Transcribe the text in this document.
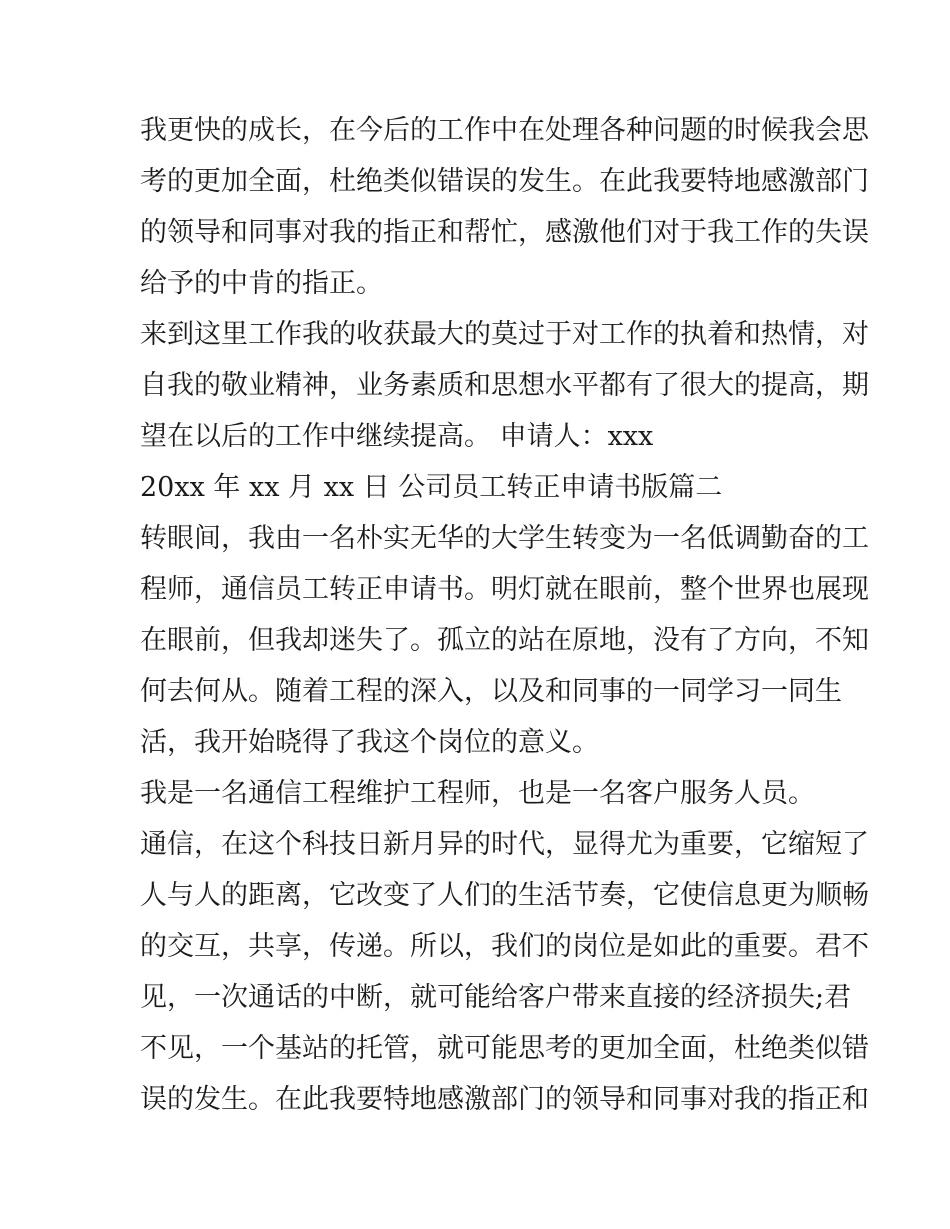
我更快的成长，在今后的工作中在处理各种问题的时候我会思
考的更加全面，杜绝类似错误的发生。在此我要特地感激部门
的领导和同事对我的指正和帮忙，感激他们对于我工作的失误
给予的中肯的指正。
来到这里工作我的收获最大的莫过于对工作的执着和热情，对
自我的敬业精神，业务素质和思想水平都有了很大的提高，期
望在以后的工作中继续提高。 申请人：xxx
20xx 年 xx 月 xx 日 公司员工转正申请书版篇二
转眼间，我由一名朴实无华的大学生转变为一名低调勤奋的工
程师，通信员工转正申请书。明灯就在眼前，整个世界也展现
在眼前，但我却迷失了。孤立的站在原地，没有了方向，不知
何去何从。随着工程的深入，以及和同事的一同学习一同生
活，我开始晓得了我这个岗位的意义。
我是一名通信工程维护工程师，也是一名客户服务人员。
通信，在这个科技日新月异的时代，显得尤为重要，它缩短了
人与人的距离，它改变了人们的生活节奏，它使信息更为顺畅
的交互，共享，传递。所以，我们的岗位是如此的重要。君不
见，一次通话的中断，就可能给客户带来直接的经济损失;君
不见，一个基站的托管，就可能思考的更加全面，杜绝类似错
误的发生。在此我要特地感激部门的领导和同事对我的指正和
